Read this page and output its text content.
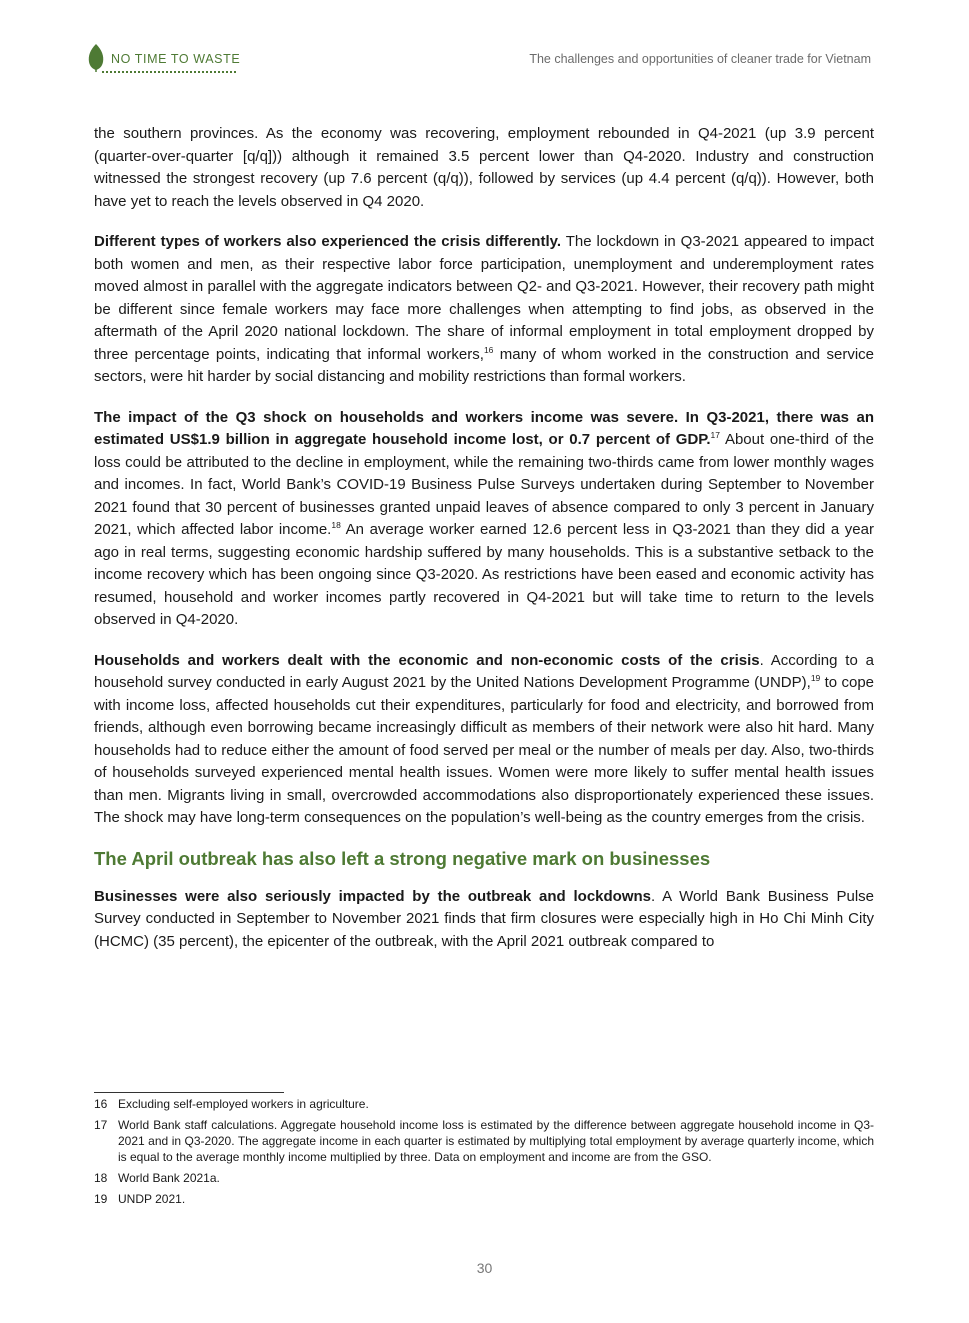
NO TIME TO WASTE	The challenges and opportunities of cleaner trade for Vietnam

the southern provinces. As the economy was recovering, employment rebounded in Q4-2021 (up 3.9 percent (quarter-over-quarter [q/q])) although it remained 3.5 percent lower than Q4-2020. Industry and construction witnessed the strongest recovery (up 7.6 percent (q/q)), followed by services (up 4.4 percent (q/q)). However, both have yet to reach the levels observed in Q4 2020.

Different types of workers also experienced the crisis differently. The lockdown in Q3-2021 appeared to impact both women and men, as their respective labor force participation, unemployment and underemployment rates moved almost in parallel with the aggregate indicators between Q2- and Q3-2021. However, their recovery path might be different since female workers may face more challenges when attempting to find jobs, as observed in the aftermath of the April 2020 national lockdown. The share of informal employment in total employment dropped by three percentage points, indicating that informal workers,$^{16}$ many of whom worked in the construction and service sectors, were hit harder by social distancing and mobility restrictions than formal workers.

The impact of the Q3 shock on households and workers income was severe. In Q3-2021, there was an estimated US$1.9 billion in aggregate household income lost, or 0.7 percent of GDP.$^{17}$ About one-third of the loss could be attributed to the decline in employment, while the remaining two-thirds came from lower monthly wages and incomes. In fact, World Bank’s COVID-19 Business Pulse Surveys undertaken during September to November 2021 found that 30 percent of businesses granted unpaid leaves of absence compared to only 3 percent in January 2021, which affected labor income.$^{18}$ An average worker earned 12.6 percent less in Q3-2021 than they did a year ago in real terms, suggesting economic hardship suffered by many households. This is a substantive setback to the income recovery which has been ongoing since Q3-2020. As restrictions have been eased and economic activity has resumed, household and worker incomes partly recovered in Q4-2021 but will take time to return to the levels observed in Q4-2020.

Households and workers dealt with the economic and non-economic costs of the crisis. According to a household survey conducted in early August 2021 by the United Nations Development Programme (UNDP),$^{19}$ to cope with income loss, affected households cut their expenditures, particularly for food and electricity, and borrowed from friends, although even borrowing became increasingly difficult as members of their network were also hit hard. Many households had to reduce either the amount of food served per meal or the number of meals per day. Also, two-thirds of households surveyed experienced mental health issues. Women were more likely to suffer mental health issues than men. Migrants living in small, overcrowded accommodations also disproportionately experienced these issues. The shock may have long-term consequences on the population’s well-being as the country emerges from the crisis.

The April outbreak has also left a strong negative mark on businesses

Businesses were also seriously impacted by the outbreak and lockdowns. A World Bank Business Pulse Survey conducted in September to November 2021 finds that firm closures were especially high in Ho Chi Minh City (HCMC) (35 percent), the epicenter of the outbreak, with the April 2021 outbreak compared to

16 Excluding self-employed workers in agriculture.
17 World Bank staff calculations. Aggregate household income loss is estimated by the difference between aggregate household income in Q3-2021 and in Q3-2020. The aggregate income in each quarter is estimated by multiplying total employment by average quarterly income, which is equal to the average monthly income multiplied by three. Data on employment and income are from the GSO.
18 World Bank 2021a.
19 UNDP 2021.
30
